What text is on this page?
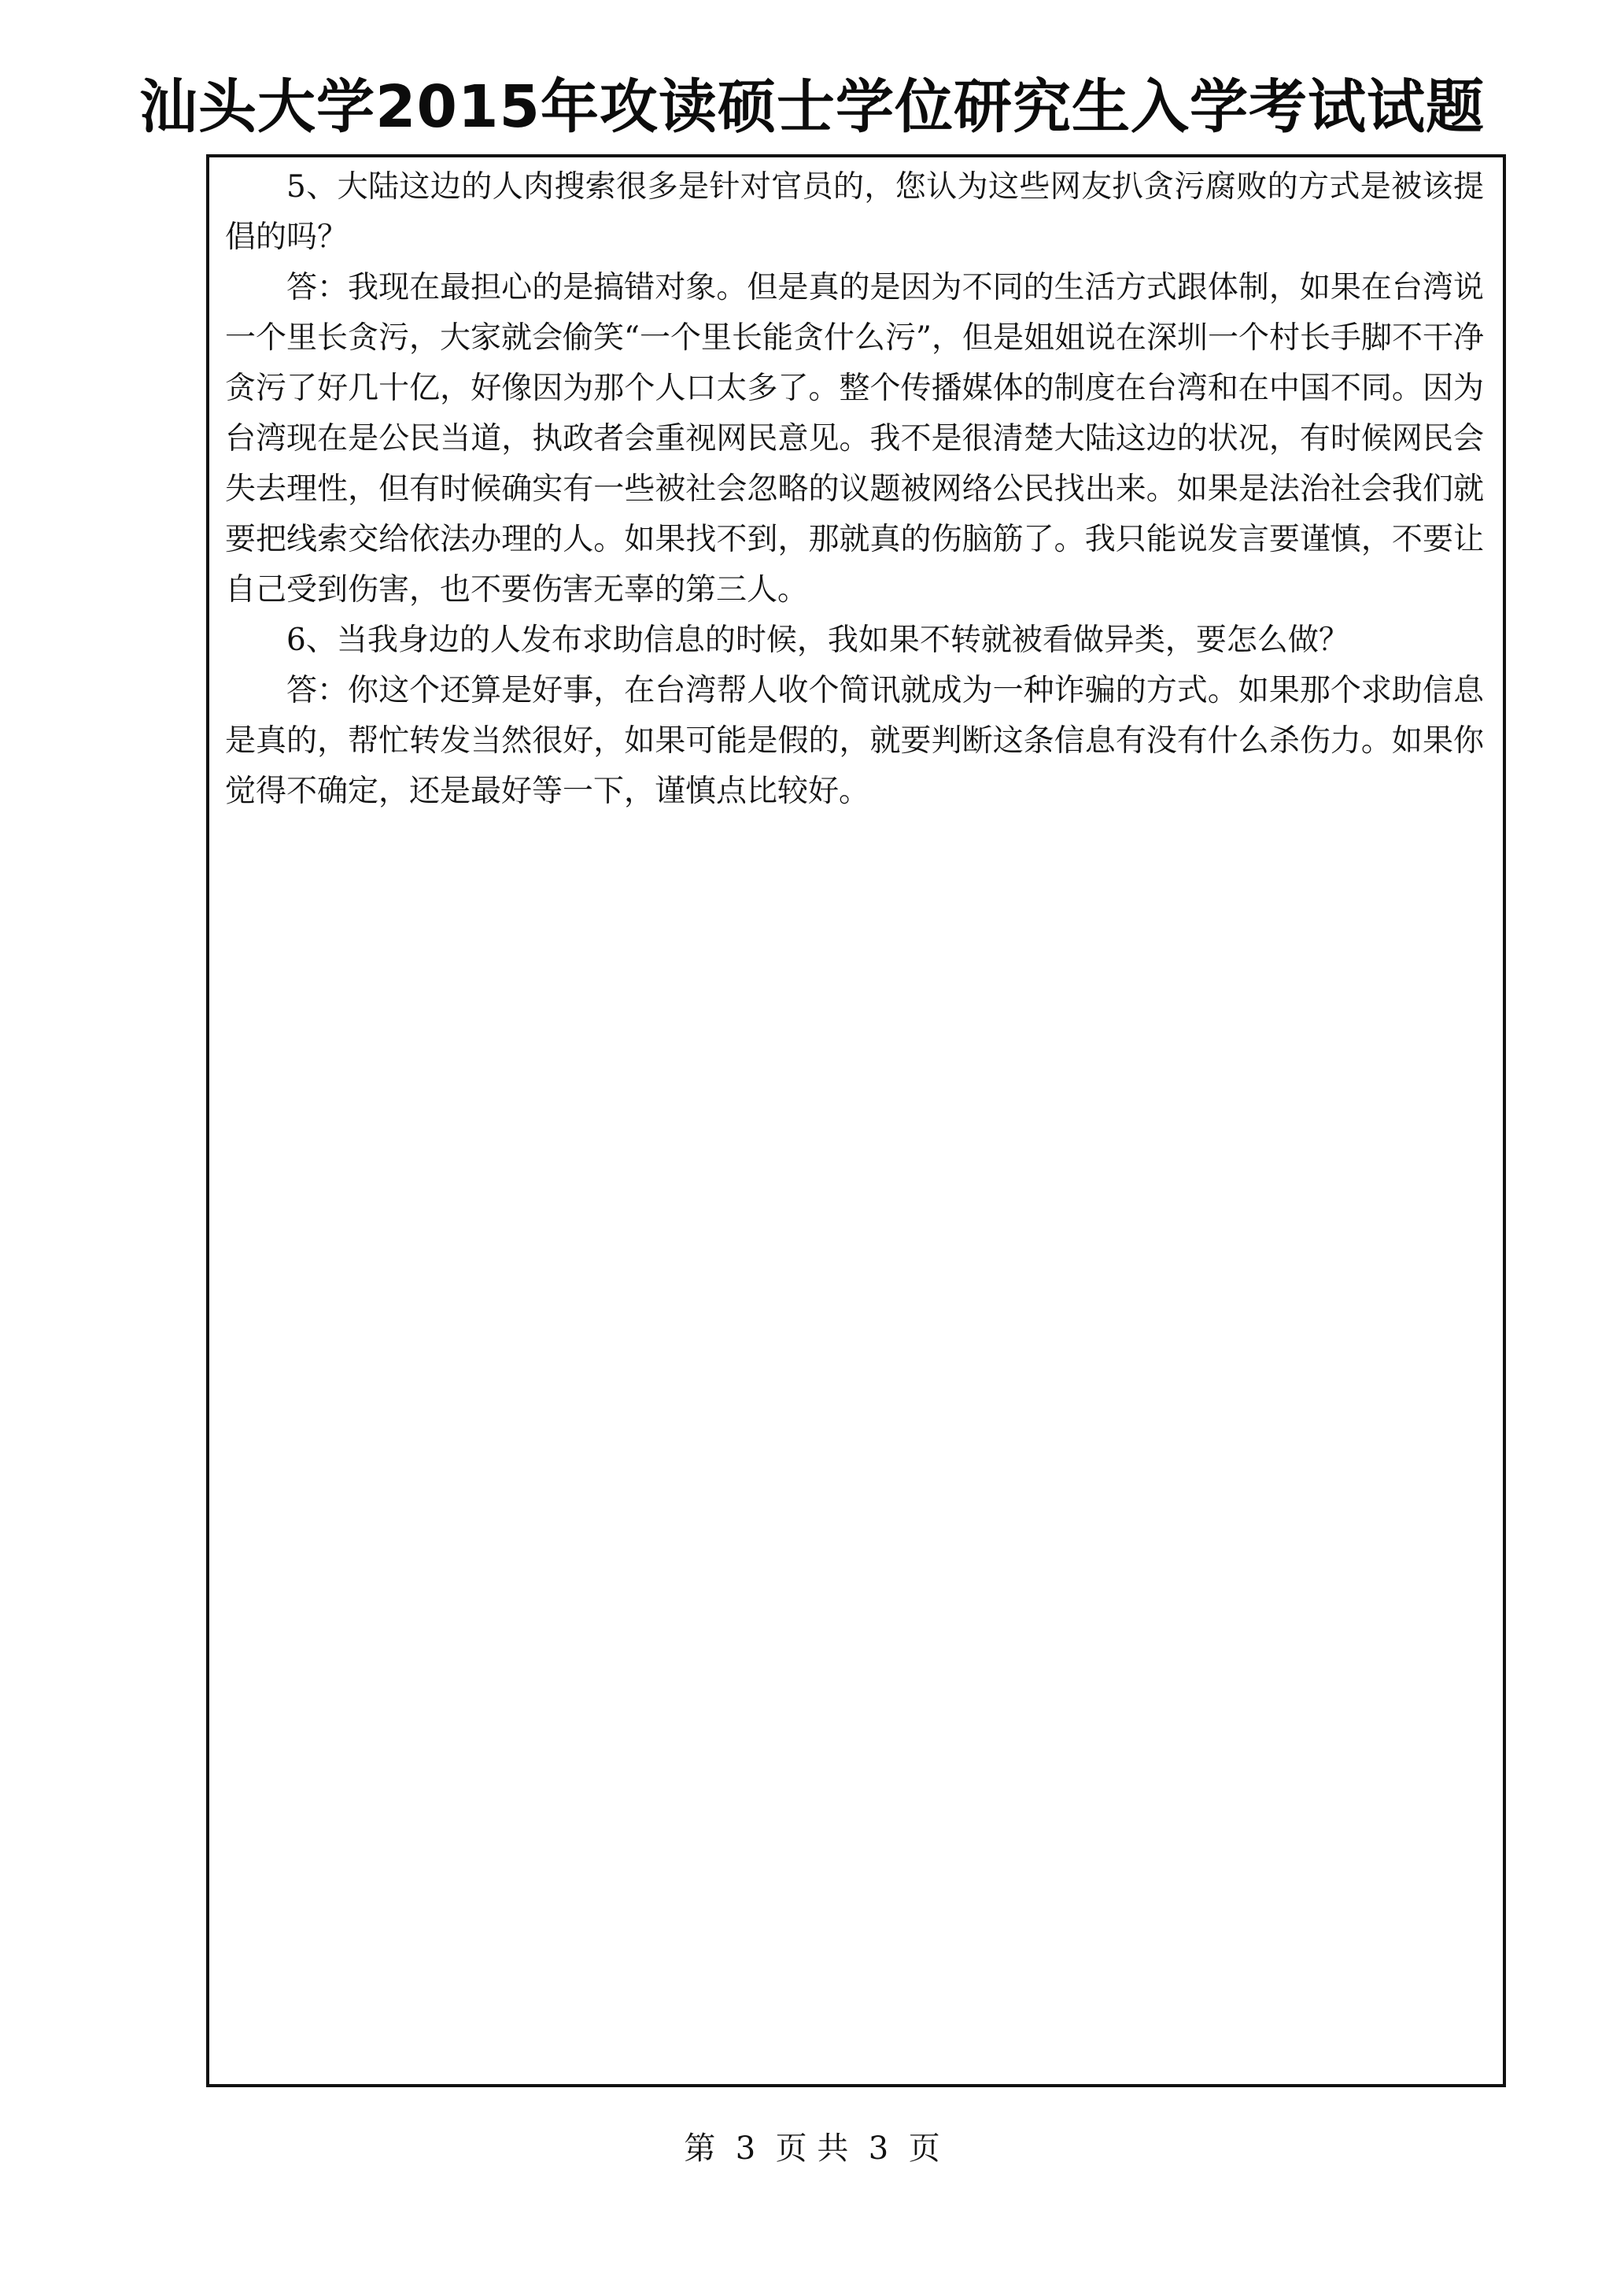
汕头大学2015年攻读硕士学位研究生入学考试试题

5、大陆这边的人肉搜索很多是针对官员的，您认为这些网友扒贪污腐败的方式是被该提倡的吗？

答：我现在最担心的是搞错对象。但是真的是因为不同的生活方式跟体制，如果在台湾说一个里长贪污，大家就会偷笑“一个里长能贪什么污”，但是姐姐说在深圳一个村长手脚不干净贪污了好几十亿，好像因为那个人口太多了。整个传播媒体的制度在台湾和在中国不同。因为台湾现在是公民当道，执政者会重视网民意见。我不是很清楚大陆这边的状况，有时候网民会失去理性，但有时候确实有一些被社会忽略的议题被网络公民找出来。如果是法治社会我们就要把线索交给依法办理的人。如果找不到，那就真的伤脑筋了。我只能说发言要谨慎，不要让自己受到伤害，也不要伤害无辜的第三人。

6、当我身边的人发布求助信息的时候，我如果不转就被看做异类，要怎么做？

答：你这个还算是好事，在台湾帮人收个简讯就成为一种诈骗的方式。如果那个求助信息是真的，帮忙转发当然很好，如果可能是假的，就要判断这条信息有没有什么杀伤力。如果你觉得不确定，还是最好等一下，谨慎点比较好。

第  3  页 共  3  页
